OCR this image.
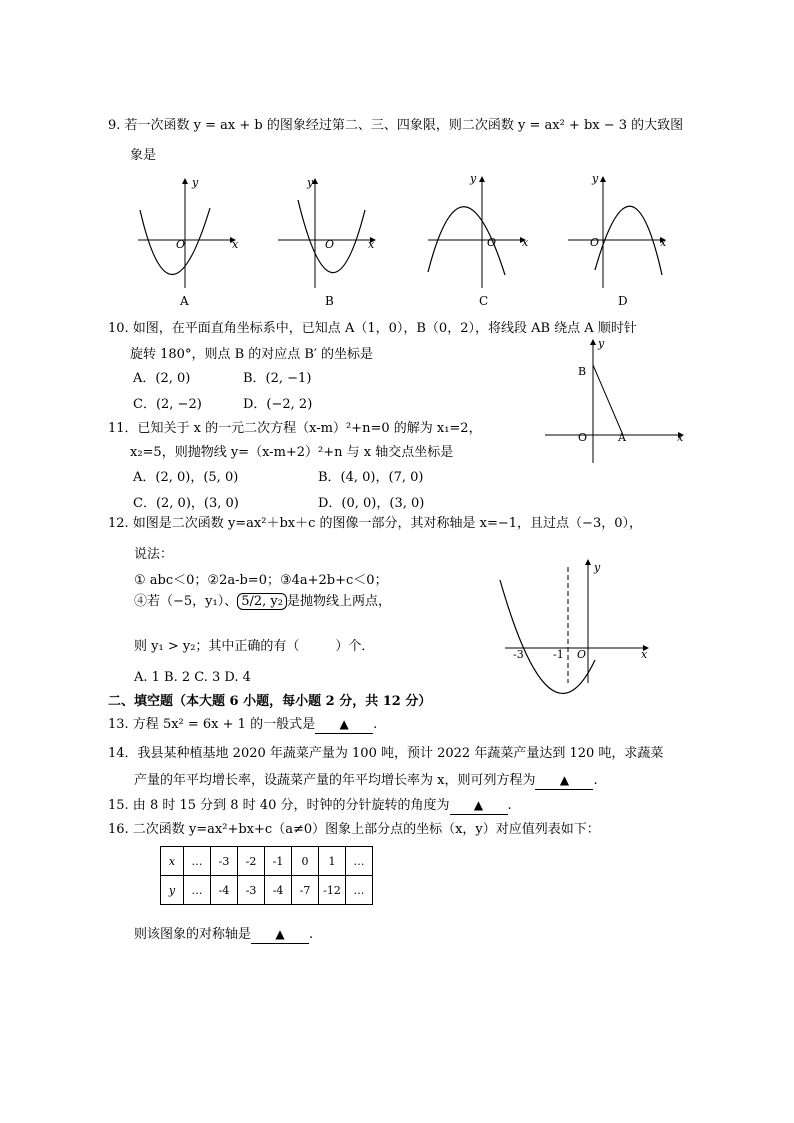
9. 若一次函数 y = ax + b 的图象经过第二、三、四象限，则二次函数 y = ax² + bx − 3 的大致图
象是
O	x
y
A
O	x
y
B
O x
y
C
O	x
y
D
10. 如图，在平面直角坐标系中，已知点 A（1，0），B（0，2），将线段 AB 绕点 A 顺时针
旋转 180°，则点 B 的对应点 B′ 的坐标是
A．(2, 0)	B．(2, −1)
C．(2, −2)	D．(−2, 2)
B
O	A	x
y
11．已知关于 x 的一元二次方程（x-m）²+n=0 的解为 x₁=2，
x₂=5，则抛物线 y=（x-m+2）²+n 与 x 轴交点坐标是
A．(2, 0)，(5, 0)	B．(4, 0)，(7, 0)
C．(2, 0)，(3, 0)	D．(0, 0)，(3, 0)
12. 如图是二次函数 y=ax²＋bx＋c 的图像一部分，其对称轴是 x=−1，且过点（−3，0），
说法：
① abc＜0；②2a-b=0；③4a+2b+c＜0；
④若（−5，y₁）、 5/2, y₂ 是抛物线上两点，
则 y₁ > y₂；其中正确的有（	）个．
A. 1 B. 2 C. 3 D. 4
-3	-1 O	x
y
二、填空题（本大题 6 小题，每小题 2 分，共 12 分）
13. 方程 5x² = 6x + 1 的一般式是 ▲ .
14．我县某种植基地 2020 年蔬菜产量为 100 吨，预计 2022 年蔬菜产量达到 120 吨，求蔬菜
产量的年平均增长率，设蔬菜产量的年平均增长率为 x，则可列方程为 ▲ .
15. 由 8 时 15 分到 8 时 40 分，时钟的分针旋转的角度为 ▲ .
16. 二次函数 y=ax²+bx+c（a≠0）图象上部分点的坐标（x，y）对应值列表如下：
x	…	-3	-2	-1	0	1	…
y	…	-4	-3	-4	-7	-12	…
则该图象的对称轴是 ▲ .
